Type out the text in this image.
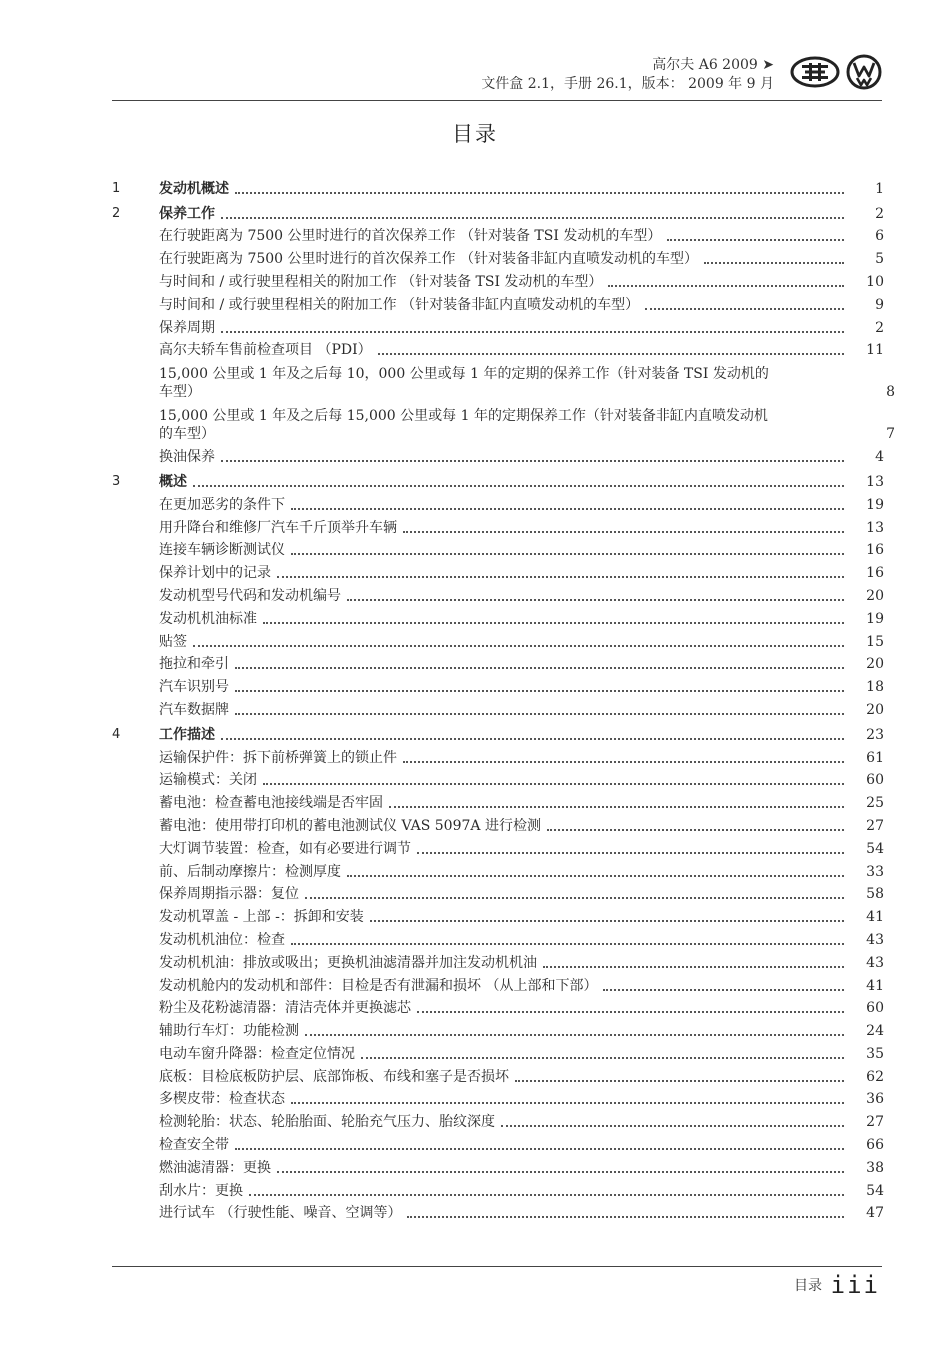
高尔夫 A6 2009 ➤
文件盒 2.1，手册 26.1，版本： 2009 年 9 月
目录
1	发动机概述	1
2	保养工作	2
在行驶距离为 7500 公里时进行的首次保养工作 （针对装备 TSI 发动机的车型）	6
在行驶距离为 7500 公里时进行的首次保养工作 （针对装备非缸内直喷发动机的车型）	5
与时间和 / 或行驶里程相关的附加工作 （针对装备 TSI 发动机的车型）	10
与时间和 / 或行驶里程相关的附加工作 （针对装备非缸内直喷发动机的车型）	9
保养周期	2
高尔夫轿车售前检查项目 （PDI）	11
15,000 公里或 1 年及之后每 10，000 公里或每 1 年的定期的保养工作（针对装备 TSI 发动机的
车型）	8
15,000 公里或 1 年及之后每 15,000 公里或每 1 年的定期保养工作（针对装备非缸内直喷发动机
的车型）	7
换油保养	4
3	概述	13
在更加恶劣的条件下	19
用升降台和维修厂汽车千斤顶举升车辆	13
连接车辆诊断测试仪	16
保养计划中的记录	16
发动机型号代码和发动机编号	20
发动机机油标准	19
贴签	15
拖拉和牵引	20
汽车识别号	18
汽车数据牌	20
4	工作描述	23
运输保护件：拆下前桥弹簧上的锁止件	61
运输模式：关闭	60
蓄电池：检查蓄电池接线端是否牢固	25
蓄电池：使用带打印机的蓄电池测试仪 VAS 5097A 进行检测	27
大灯调节装置：检查，如有必要进行调节	54
前、后制动摩擦片：检测厚度	33
保养周期指示器：复位	58
发动机罩盖 - 上部 -：拆卸和安装	41
发动机机油位：检查	43
发动机机油：排放或吸出；更换机油滤清器并加注发动机机油	43
发动机舱内的发动机和部件：目检是否有泄漏和损坏 （从上部和下部）	41
粉尘及花粉滤清器：清洁壳体并更换滤芯	60
辅助行车灯：功能检测	24
电动车窗升降器：检查定位情况	35
底板：目检底板防护层、底部饰板、布线和塞子是否损坏	62
多楔皮带：检查状态	36
检测轮胎：状态、轮胎胎面、轮胎充气压力、胎纹深度	27
检查安全带	66
燃油滤清器：更换	38
刮水片：更换	54
进行试车 （行驶性能、噪音、空调等）	47
目录 iii
